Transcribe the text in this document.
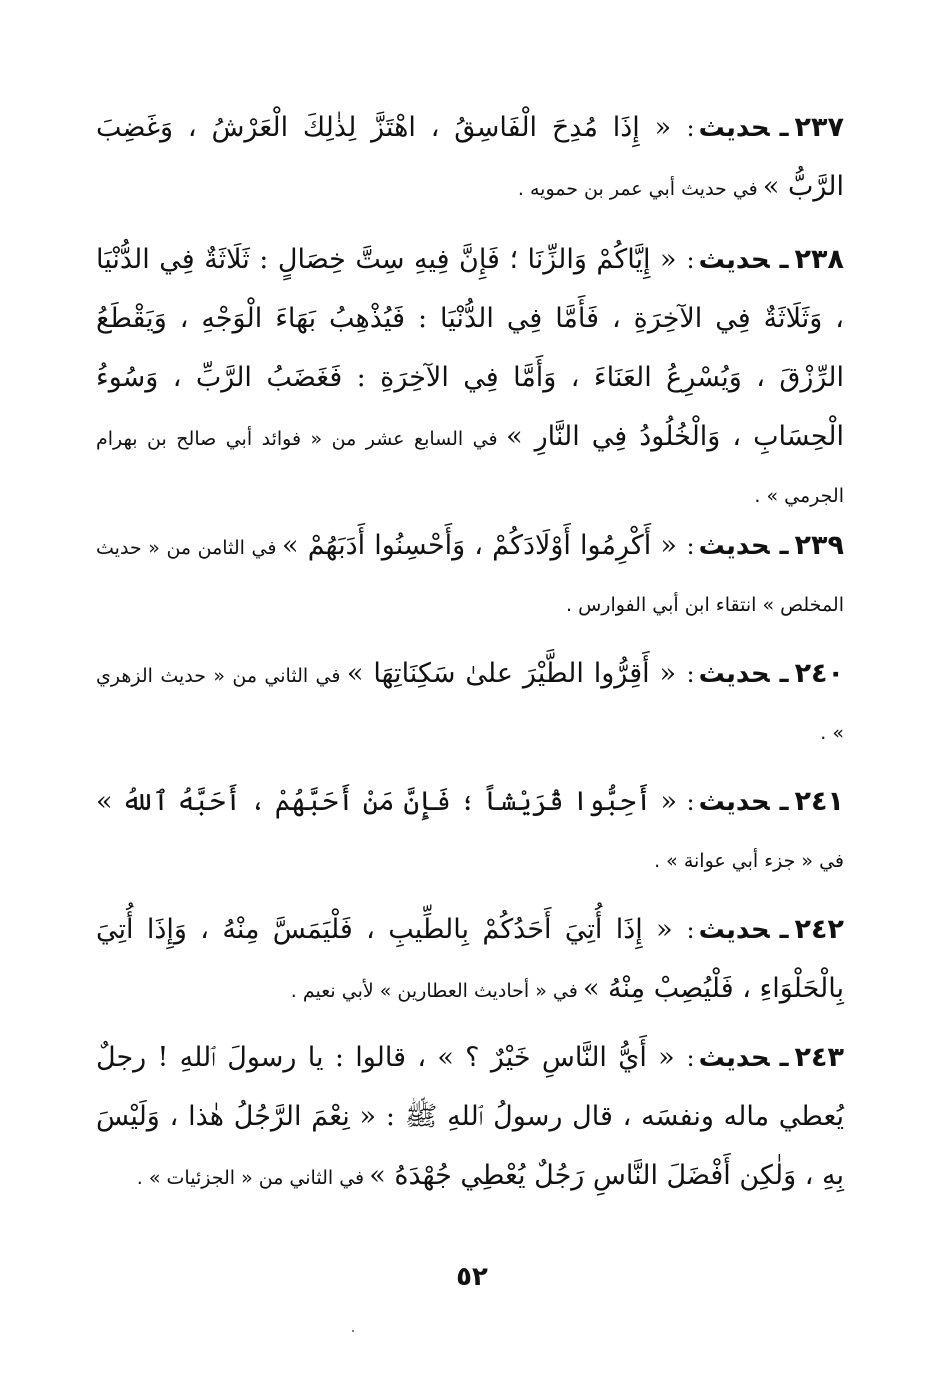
٢٣٧ـحديث: « إِذَا مُدِحَ الْفَاسِقُ ، اهْتَزَّ لِذٰلِكَ الْعَرْشُ ، وَغَضِبَ الرَّبُّ » في حديث أبي عمر بن حمويه .
٢٣٨ـحديث: « إِيَّاكُمْ وَالزِّنَا ؛ فَإِنَّ فِيهِ سِتَّ خِصَالٍ : ثَلَاثَةٌ فِي الدُّنْيَا ، وَثَلَاثَةٌ فِي الآخِرَةِ ، فَأَمَّا فِي الدُّنْيَا : فَيُذْهِبُ بَهَاءَ الْوَجْهِ ، وَيَقْطَعُ الرِّزْقَ ، وَيُسْرِعُ العَنَاءَ ، وَأَمَّا فِي الآخِرَةِ : فَغَضَبُ الرَّبِّ ، وَسُوءُ الْحِسَابِ ، وَالْخُلُودُ فِي النَّارِ » في السابع عشر من « فوائد أبي صالح بن بهرام الجرمي » .
٢٣٩ـحديث: « أَكْرِمُوا أَوْلَادَكُمْ ، وَأَحْسِنُوا أَدَبَهُمْ » في الثامن من « حديث المخلص » انتقاء ابن أبي الفوارس .
٢٤٠ـحديث: « أَقِرُّوا الطَّيْرَ علىٰ سَكِنَاتِهَا » في الثاني من « حديث الزهري » .
٢٤١ـحديث: « أَحِبُّوا قُرَيْشاً ؛ فَإِنَّ مَنْ أَحَبَّهُمْ ، أَحَبَّهُ ٱللهُ » في « جزء أبي عوانة » .
٢٤٢ـحديث: « إِذَا أُتِيَ أَحَدُكُمْ بِالطِّيبِ ، فَلْيَمَسَّ مِنْهُ ، وَإِذَا أُتِيَ بِالْحَلْوَاءِ ، فَلْيُصِبْ مِنْهُ » في « أحاديث العطارين » لأبي نعيم .
٢٤٣ـحديث: « أَيُّ النَّاسِ خَيْرٌ ؟ » ، قالوا : يا رسولَ ٱللهِ ! رجلٌ يُعطي ماله ونفسَه ، قال رسولُ ٱللهِ ﷺ : « نِعْمَ الرَّجُلُ هٰذا ، وَلَيْسَ بِهِ ، وَلٰكِن أَفْضَلَ النَّاسِ رَجُلٌ يُعْطِي جُهْدَهُ » في الثاني من « الجزئيات » .
٥٢
